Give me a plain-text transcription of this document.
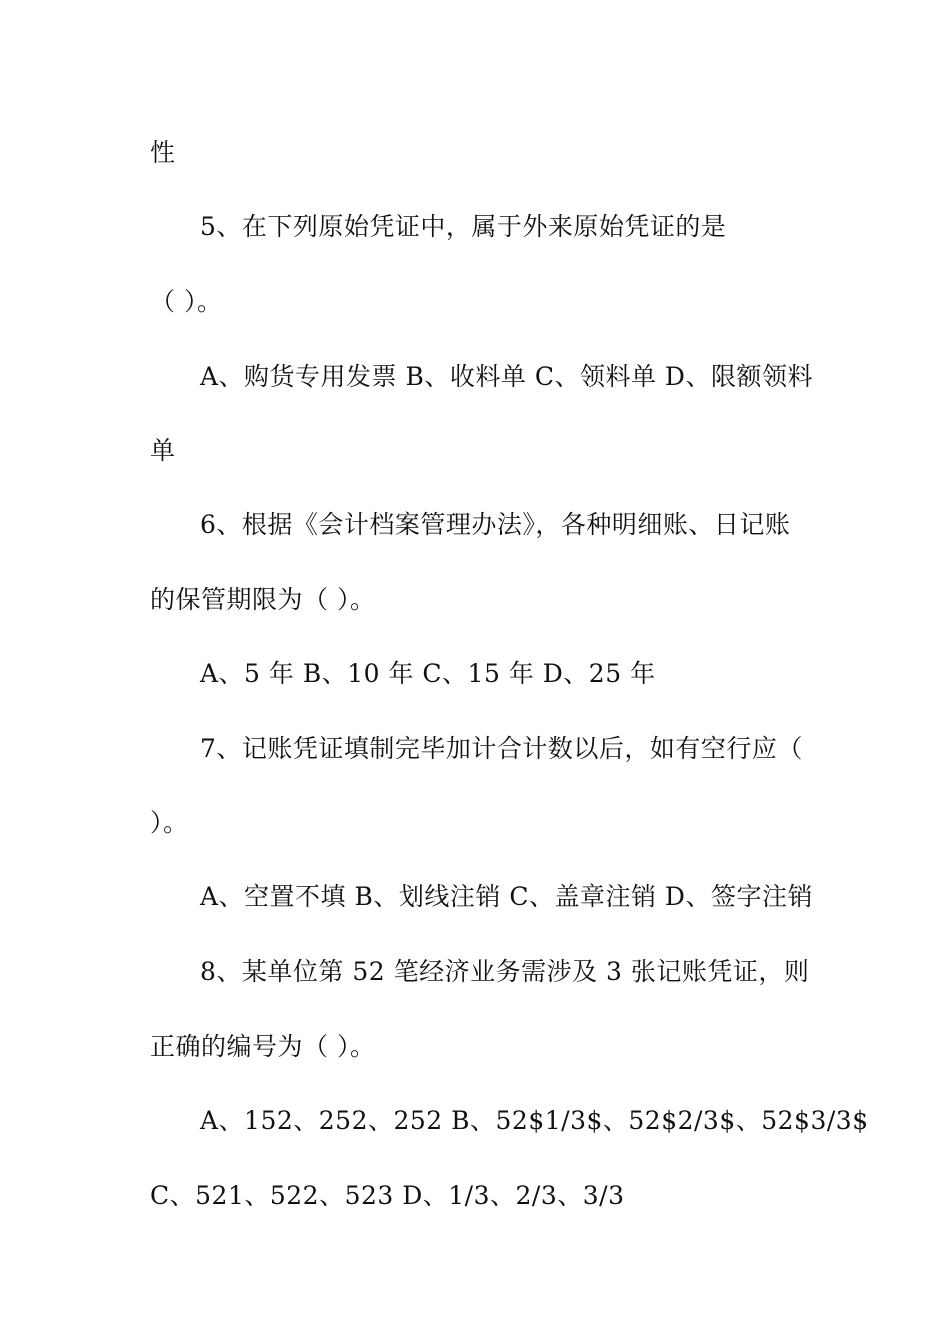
性
5、在下列原始凭证中，属于外来原始凭证的是
（ ）。
A、购货专用发票 B、收料单 C、领料单 D、限额领料
单
6、根据《会计档案管理办法》，各种明细账、日记账
的保管期限为（ ）。
A、5 年 B、10 年 C、15 年 D、25 年
7、记账凭证填制完毕加计合计数以后，如有空行应（
）。
A、空置不填 B、划线注销 C、盖章注销 D、签字注销
8、某单位第 52 笔经济业务需涉及 3 张记账凭证，则
正确的编号为（ ）。
A、152、252、252 B、52$1/3$、52$2/3$、52$3/3$
C、521、522、523 D、1/3、2/3、3/3
